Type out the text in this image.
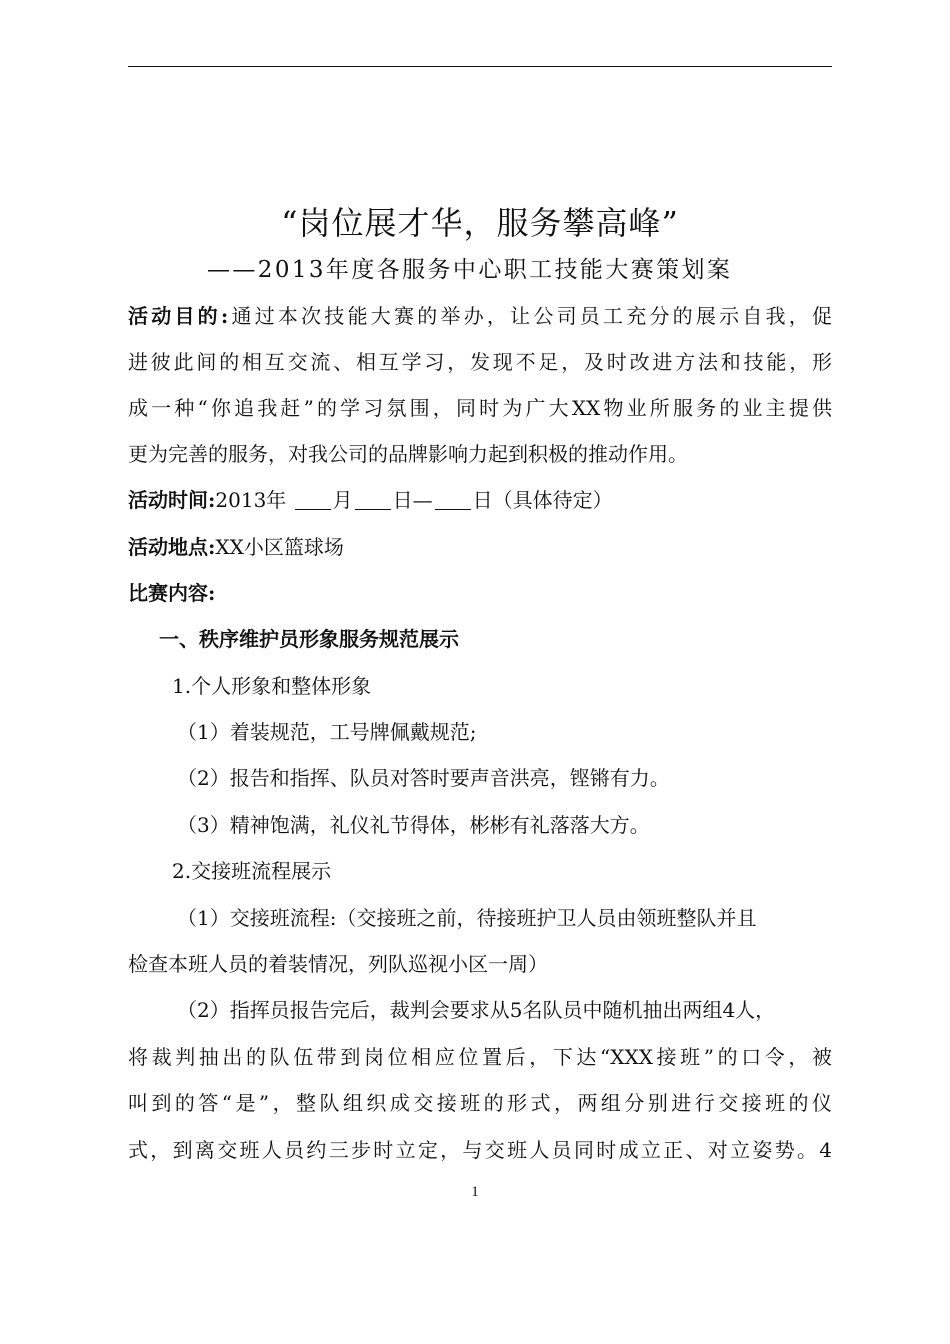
“岗位展才华，服务攀高峰”
——2013年度各服务中心职工技能大赛策划案
活动目的:通过本次技能大赛的举办，让公司员工充分的展示自我，促
进彼此间的相互交流、相互学习，发现不足，及时改进方法和技能，形
成一种“你追我赶”的学习氛围，同时为广大XX物业所服务的业主提供
更为完善的服务，对我公司的品牌影响力起到积极的推动作用。
活动时间:2013年 月 日— 日（具体待定）
活动地点:XX小区篮球场
比赛内容:
一、秩序维护员形象服务规范展示
1.个人形象和整体形象
（1）着装规范，工号牌佩戴规范;
（2）报告和指挥、队员对答时要声音洪亮，铿锵有力。
（3）精神饱满，礼仪礼节得体，彬彬有礼落落大方。
2.交接班流程展示
（1）交接班流程:（交接班之前，待接班护卫人员由领班整队并且
检查本班人员的着装情况，列队巡视小区一周）
（2）指挥员报告完后，裁判会要求从5名队员中随机抽出两组4人，
将裁判抽出的队伍带到岗位相应位置后，下达“XXX接班”的口令，被
叫到的答“是”，整队组织成交接班的形式，两组分别进行交接班的仪
式，到离交班人员约三步时立定，与交班人员同时成立正、对立姿势。4
1
